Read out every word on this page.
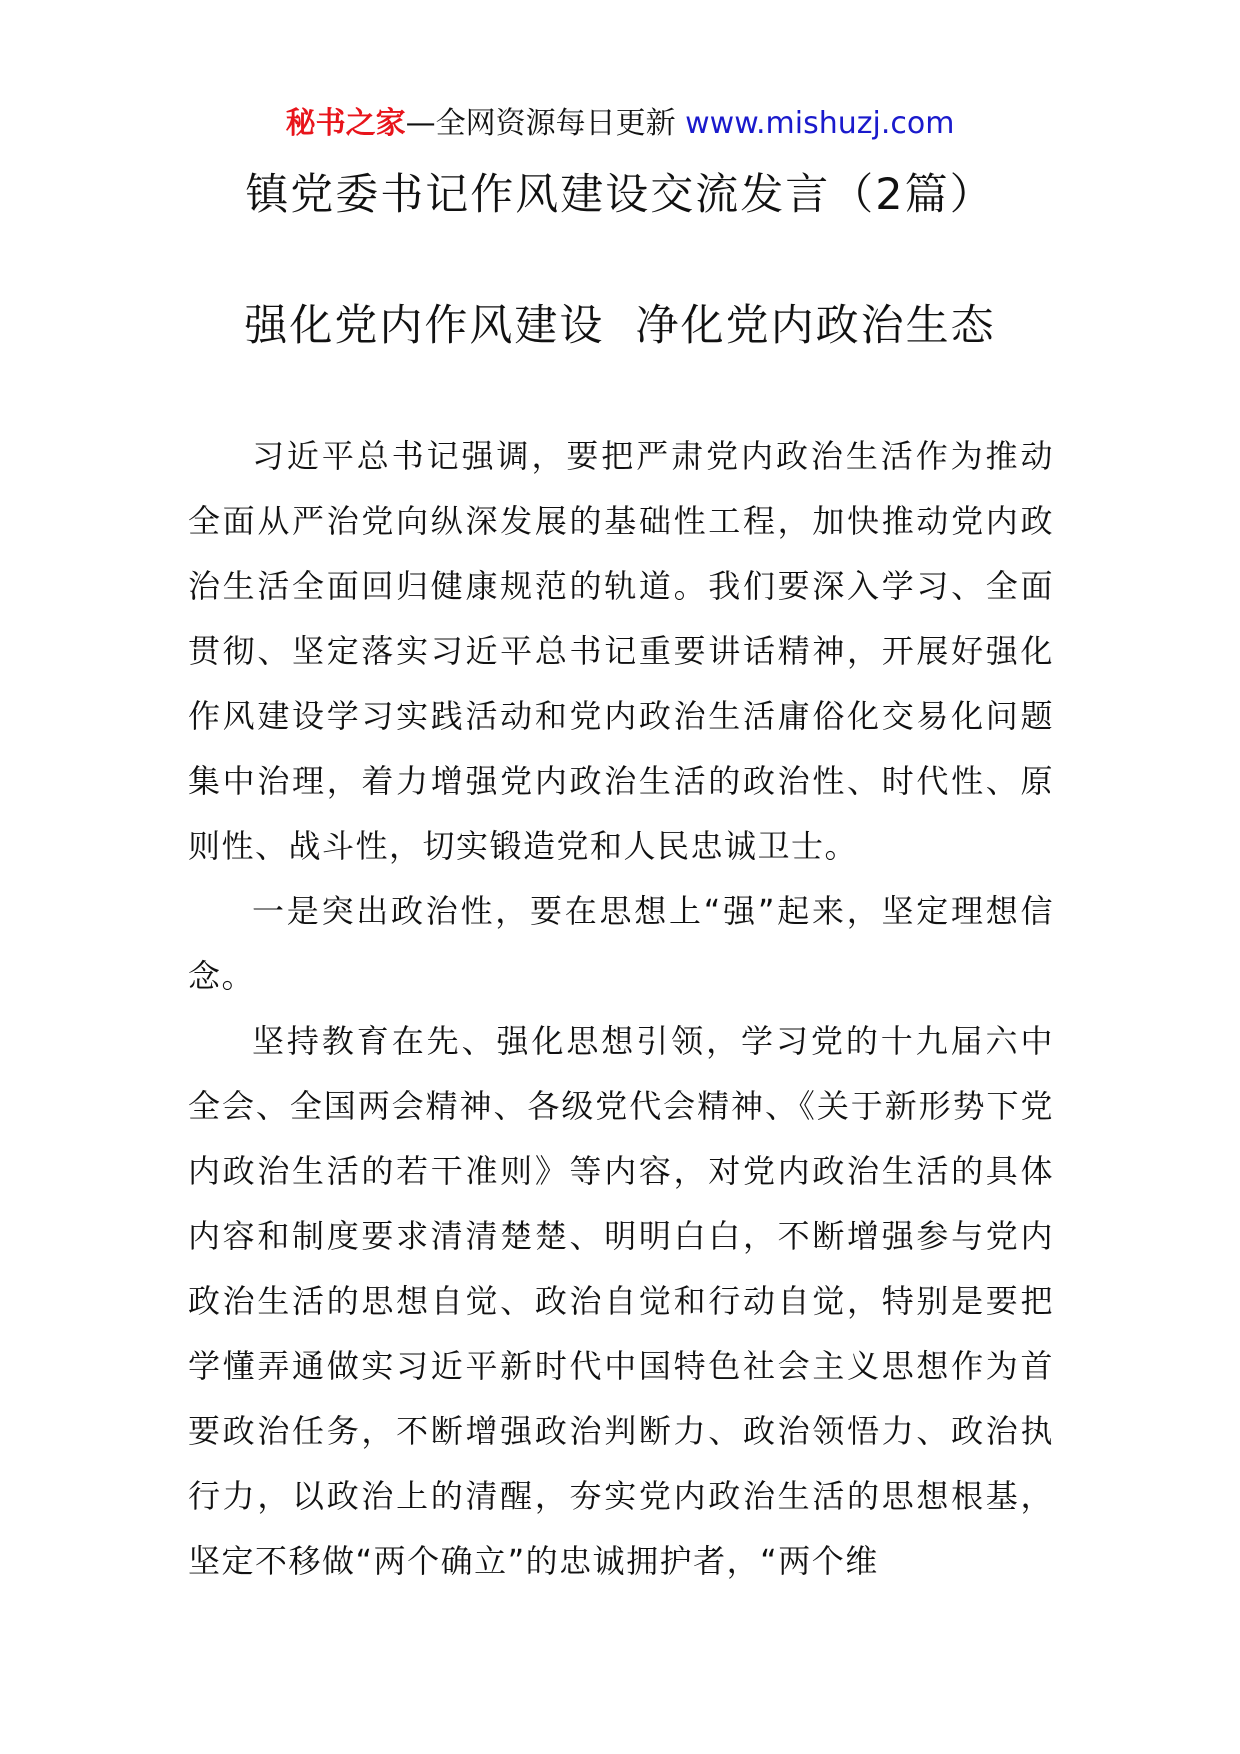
秘书之家—全网资源每日更新 www.mishuzj.com
镇党委书记作风建设交流发言（2篇）
强化党内作风建设  净化党内政治生态

习近平总书记强调，要把严肃党内政治生活作为推动全面从严治党向纵深发展的基础性工程，加快推动党内政治生活全面回归健康规范的轨道。我们要深入学习、全面贯彻、坚定落实习近平总书记重要讲话精神，开展好强化作风建设学习实践活动和党内政治生活庸俗化交易化问题集中治理，着力增强党内政治生活的政治性、时代性、原则性、战斗性，切实锻造党和人民忠诚卫士。

一是突出政治性，要在思想上“强”起来，坚定理想信念。

坚持教育在先、强化思想引领，学习党的十九届六中全会、全国两会精神、各级党代会精神、《关于新形势下党内政治生活的若干准则》等内容，对党内政治生活的具体内容和制度要求清清楚楚、明明白白，不断增强参与党内政治生活的思想自觉、政治自觉和行动自觉，特别是要把学懂弄通做实习近平新时代中国特色社会主义思想作为首要政治任务，不断增强政治判断力、政治领悟力、政治执行力，以政治上的清醒，夯实党内政治生活的思想根基，坚定不移做“两个确立”的忠诚拥护者，“两个维
